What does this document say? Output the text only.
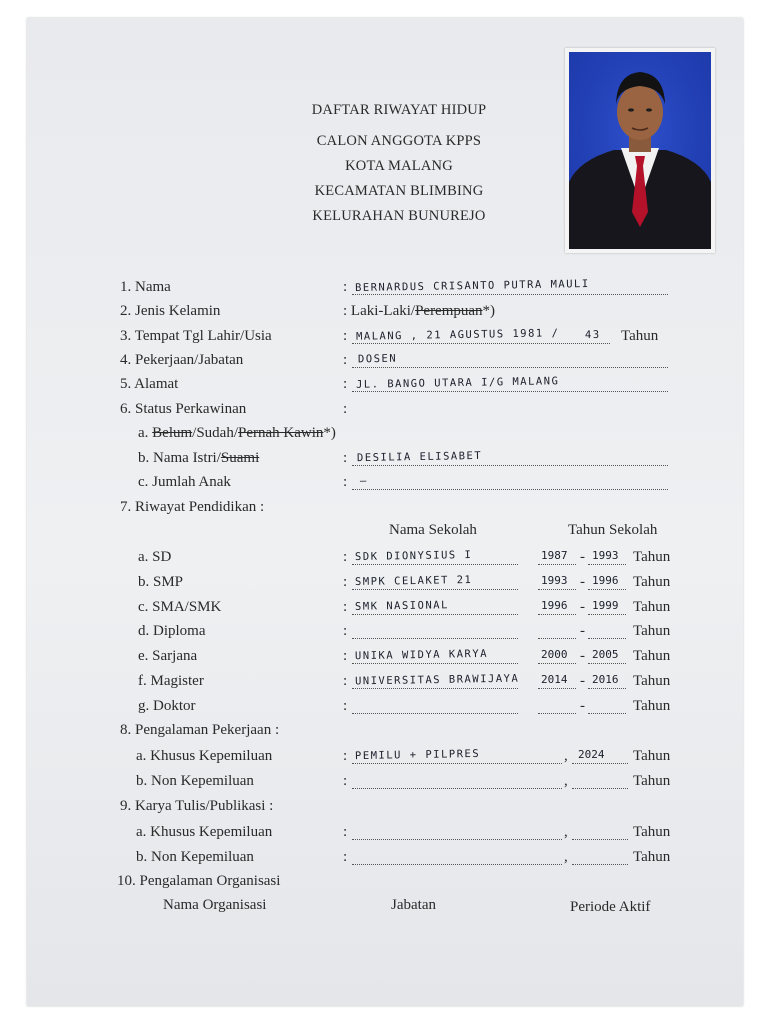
DAFTAR RIWAYAT HIDUP
CALON ANGGOTA KPPS
KOTA MALANG
KECAMATAN BLIMBING
KELURAHAN BUNUREJO
1. Nama	: BERNARDUS CRISANTO PUTRA MAULI
2. Jenis Kelamin	: Laki-Laki/Perempuan*)
3. Tempat Tgl Lahir/Usia	: MALANG , 21 AGUSTUS 1981 / 43 Tahun
4. Pekerjaan/Jabatan	: DOSEN
5. Alamat	: JL. BANGO UTARA I/G MALANG
6. Status Perkawinan	:
a. Belum/Sudah/Pernah Kawin*)
b. Nama Istri/Suami	: DESILIA ELISABET
c. Jumlah Anak	: —
7. Riwayat Pendidikan :
Nama Sekolah	Tahun Sekolah
a. SD	: SDK DIONYSIUS I	1987 - 1993 Tahun
b. SMP	: SMPK CELAKET 21	1993 - 1996 Tahun
c. SMA/SMK	: SMK NASIONAL	1996 - 1999 Tahun
d. Diploma	:	-	Tahun
e. Sarjana	: UNIKA WIDYA KARYA	2000 - 2005 Tahun
f. Magister	: UNIVERSITAS BRAWIJAYA 2014 - 2016 Tahun
g. Doktor	:	-	Tahun
8. Pengalaman Pekerjaan :
a. Khusus Kepemiluan	: PEMILU + PILPRES	, 2024 Tahun
b. Non Kepemiluan	:	,	Tahun
9. Karya Tulis/Publikasi :
a. Khusus Kepemiluan	:	,	Tahun
b. Non Kepemiluan	:	,	Tahun
10. Pengalaman Organisasi
Nama Organisasi	Jabatan	Periode Aktif
